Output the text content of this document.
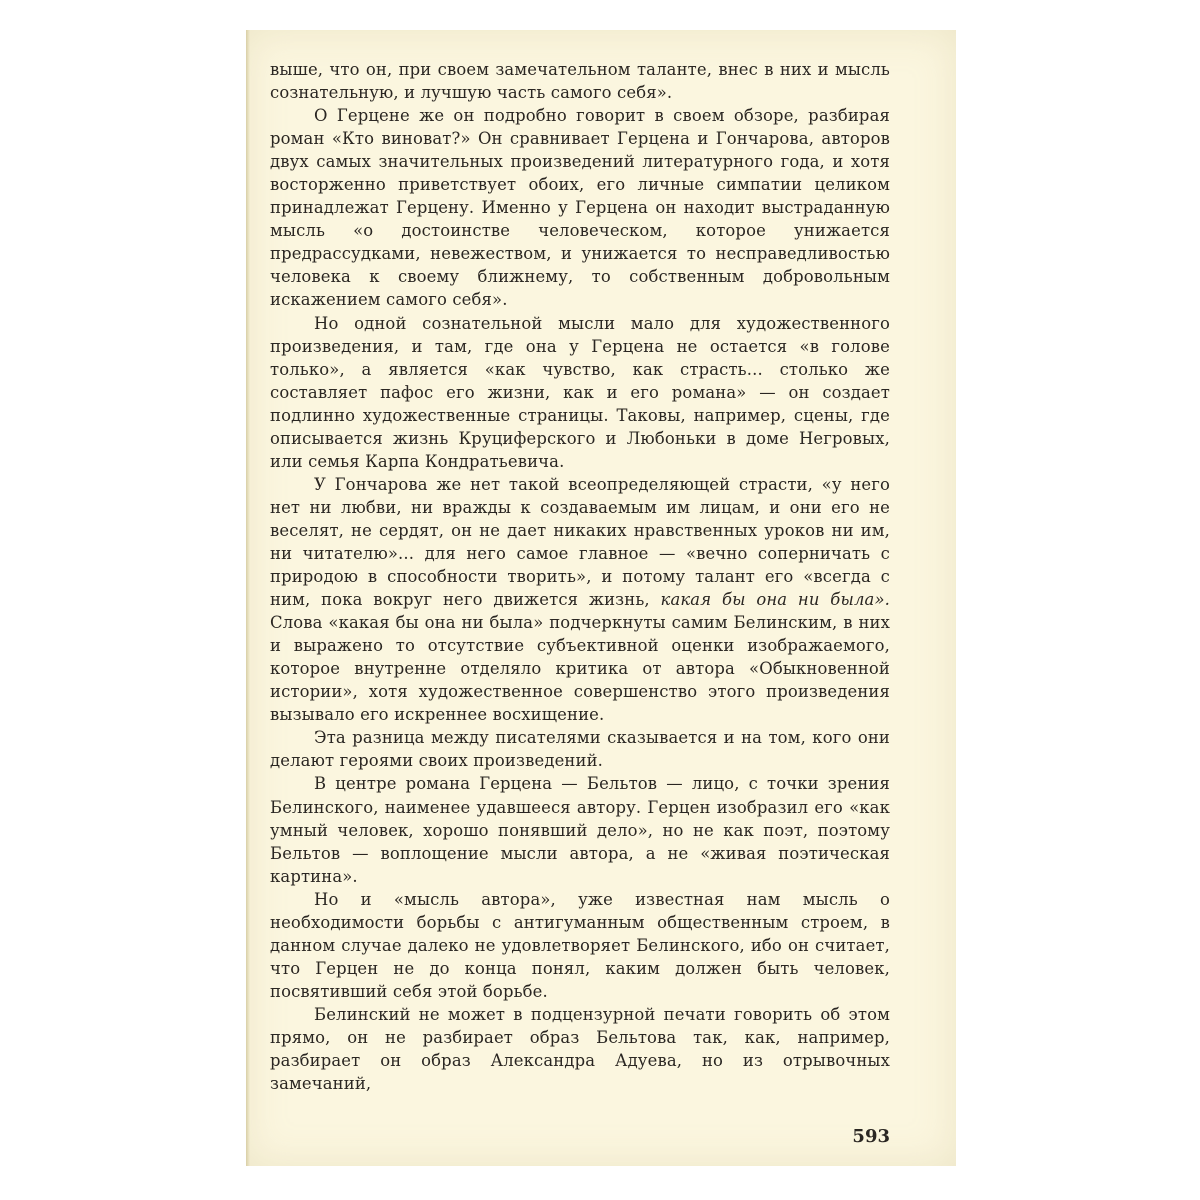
выше, что он, при своем замечательном таланте, внес в них и мысль сознательную, и лучшую часть самого себя».

О Герцене же он подробно говорит в своем обзоре, разбирая роман «Кто виноват?» Он сравнивает Герцена и Гончарова, авторов двух самых значительных произведений литературного года, и хотя восторженно приветствует обоих, его личные симпатии целиком принадлежат Герцену. Именно у Герцена он находит выстраданную мысль «о достоинстве человеческом, которое унижается предрассудками, невежеством, и унижается то несправедливостью человека к своему ближнему, то собственным добровольным искажением самого себя».

Но одной сознательной мысли мало для художественного произведения, и там, где она у Герцена не остается «в голове только», а является «как чувство, как страсть... столько же составляет пафос его жизни, как и его романа» — он создает подлинно художественные страницы. Таковы, например, сцены, где описывается жизнь Круциферского и Любоньки в доме Негровых, или семья Карпа Кондратьевича.

У Гончарова же нет такой всеопределяющей страсти, «у него нет ни любви, ни вражды к создаваемым им лицам, и они его не веселят, не сердят, он не дает никаких нравственных уроков ни им, ни читателю»... для него самое главное — «вечно соперничать с природою в способности творить», и потому талант его «всегда с ним, пока вокруг него движется жизнь, какая бы она ни была». Слова «какая бы она ни была» подчеркнуты самим Белинским, в них и выражено то отсутствие субъективной оценки изображаемого, которое внутренне отделяло критика от автора «Обыкновенной истории», хотя художественное совершенство этого произведения вызывало его искреннее восхищение.

Эта разница между писателями сказывается и на том, кого они делают героями своих произведений.

В центре романа Герцена — Бельтов — лицо, с точки зрения Белинского, наименее удавшееся автору. Герцен изобразил его «как умный человек, хорошо понявший дело», но не как поэт, поэтому Бельтов — воплощение мысли автора, а не «живая поэтическая картина».

Но и «мысль автора», уже известная нам мысль о необходимости борьбы с антигуманным общественным строем, в данном случае далеко не удовлетворяет Белинского, ибо он считает, что Герцен не до конца понял, каким должен быть человек, посвятивший себя этой борьбе.

Белинский не может в подцензурной печати говорить об этом прямо, он не разбирает образ Бельтова так, как, например, разбирает он образ Александра Адуева, но из отрывочных замечаний,

593
